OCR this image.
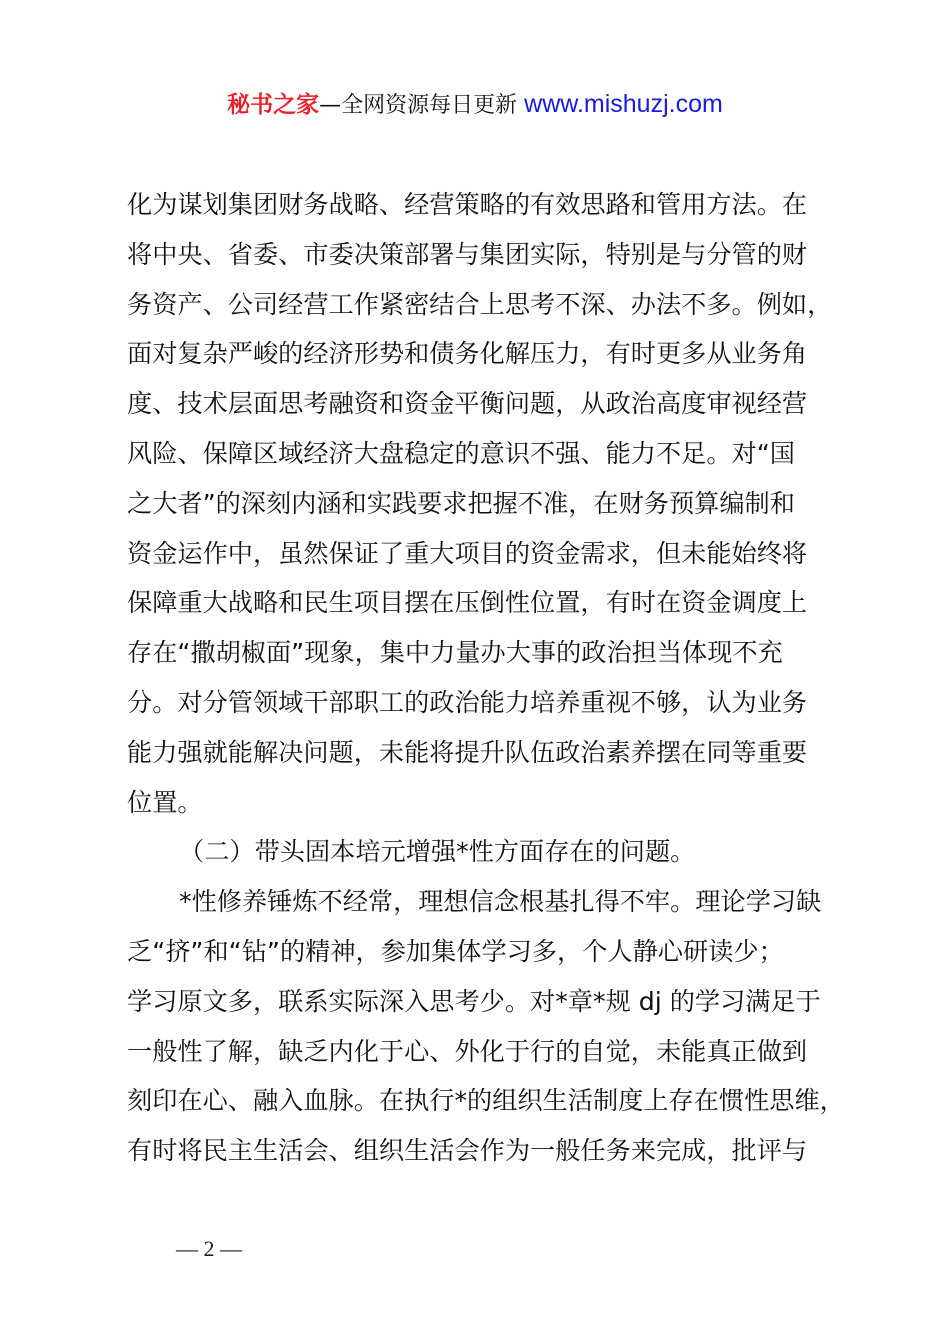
秘书之家—全网资源每日更新 www.mishuzj.com
化为谋划集团财务战略、经营策略的有效思路和管用方法。在
将中央、省委、市委决策部署与集团实际，特别是与分管的财
务资产、公司经营工作紧密结合上思考不深、办法不多。例如，
面对复杂严峻的经济形势和债务化解压力，有时更多从业务角
度、技术层面思考融资和资金平衡问题，从政治高度审视经营
风险、保障区域经济大盘稳定的意识不强、能力不足。对“国
之大者”的深刻内涵和实践要求把握不准，在财务预算编制和
资金运作中，虽然保证了重大项目的资金需求，但未能始终将
保障重大战略和民生项目摆在压倒性位置，有时在资金调度上
存在“撒胡椒面”现象，集中力量办大事的政治担当体现不充
分。对分管领域干部职工的政治能力培养重视不够，认为业务
能力强就能解决问题，未能将提升队伍政治素养摆在同等重要
位置。
（二）带头固本培元增强*性方面存在的问题。
*性修养锤炼不经常，理想信念根基扎得不牢。理论学习缺
乏“挤”和“钻”的精神，参加集体学习多，个人静心研读少；
学习原文多，联系实际深入思考少。对*章*规 dj 的学习满足于
一般性了解，缺乏内化于心、外化于行的自觉，未能真正做到
刻印在心、融入血脉。在执行*的组织生活制度上存在惯性思维，
有时将民主生活会、组织生活会作为一般任务来完成，批评与
— 2 —
